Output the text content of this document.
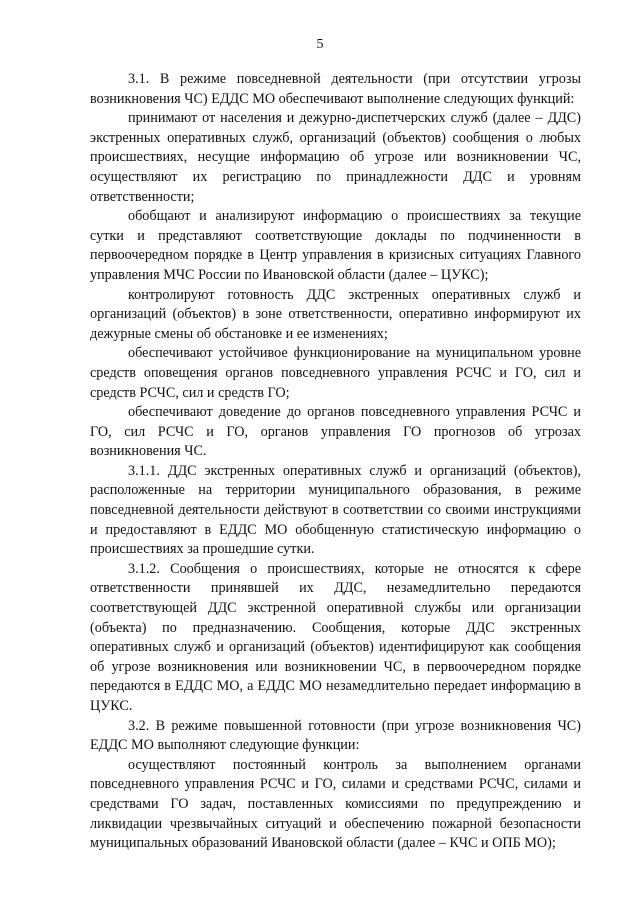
5

3.1. В режиме повседневной деятельности (при отсутствии угрозы возникновения ЧС) ЕДДС МО обеспечивают выполнение следующих функций:

принимают от населения и дежурно-диспетчерских служб (далее – ДДС) экстренных оперативных служб, организаций (объектов) сообщения о любых происшествиях, несущие информацию об угрозе или возникновении ЧС, осуществляют их регистрацию по принадлежности ДДС и уровням ответственности;

обобщают и анализируют информацию о происшествиях за текущие сутки и представляют соответствующие доклады по подчиненности в первоочередном порядке в Центр управления в кризисных ситуациях Главного управления МЧС России по Ивановской области (далее – ЦУКС);

контролируют готовность ДДС экстренных оперативных служб и организаций (объектов) в зоне ответственности, оперативно информируют их дежурные смены об обстановке и ее изменениях;

обеспечивают устойчивое функционирование на муниципальном уровне средств оповещения органов повседневного управления РСЧС и ГО, сил и средств РСЧС, сил и средств ГО;

обеспечивают доведение до органов повседневного управления РСЧС и ГО, сил РСЧС и ГО, органов управления ГО прогнозов об угрозах возникновения ЧС.

3.1.1. ДДС экстренных оперативных служб и организаций (объектов), расположенные на территории муниципального образования, в режиме повседневной деятельности действуют в соответствии со своими инструкциями и предоставляют в ЕДДС МО обобщенную статистическую информацию о происшествиях за прошедшие сутки.

3.1.2. Сообщения о происшествиях, которые не относятся к сфере ответственности принявшей их ДДС, незамедлительно передаются соответствующей ДДС экстренной оперативной службы или организации (объекта) по предназначению. Сообщения, которые ДДС экстренных оперативных служб и организаций (объектов) идентифицируют как сообщения об угрозе возникновения или возникновении ЧС, в первоочередном порядке передаются в ЕДДС МО, а ЕДДС МО незамедлительно передает информацию в ЦУКС.

3.2. В режиме повышенной готовности (при угрозе возникновения ЧС) ЕДДС МО выполняют следующие функции:

осуществляют постоянный контроль за выполнением органами повседневного управления РСЧС и ГО, силами и средствами РСЧС, силами и средствами ГО задач, поставленных комиссиями по предупреждению и ликвидации чрезвычайных ситуаций и обеспечению пожарной безопасности муниципальных образований Ивановской области (далее – КЧС и ОПБ МО);
